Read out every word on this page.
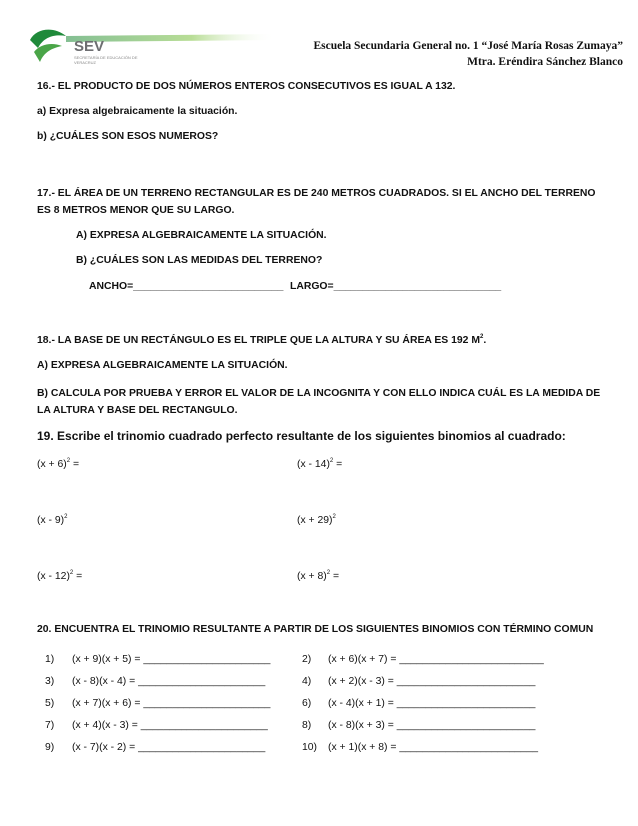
SEV
SECRETARÍA DE EDUCACIÓN DE VERACRUZ
Escuela Secundaria General no. 1 “José María Rosas Zumaya”
Mtra. Eréndira Sánchez Blanco
16.- EL PRODUCTO DE DOS NÚMEROS ENTEROS CONSECUTIVOS ES IGUAL A 132.
a) Expresa algebraicamente la situación.
b) ¿CUÁLES SON ESOS NUMEROS?
17.- EL ÁREA DE UN TERRENO RECTANGULAR ES DE 240 METROS CUADRADOS. SI EL ANCHO DEL TERRENO ES 8 METROS MENOR QUE SU LARGO.
A) EXPRESA ALGEBRAICAMENTE LA SITUACIÓN.
B) ¿CUÁLES SON LAS MEDIDAS DEL TERRENO?
ANCHO=__________________________ LARGO=_____________________________
18.- LA BASE DE UN RECTÁNGULO ES EL TRIPLE QUE LA ALTURA Y SU ÁREA ES 192 $M^2$.
A) EXPRESA ALGEBRAICAMENTE LA SITUACIÓN.
B) CALCULA POR PRUEBA Y ERROR EL VALOR DE LA INCOGNITA Y CON ELLO INDICA CUÁL ES LA MEDIDA DE LA ALTURA Y BASE DEL RECTANGULO.
19. Escribe el trinomio cuadrado perfecto resultante de los siguientes binomios al cuadrado:
$(x + 6)^2$ =	(x - 14)$^2$ =
(x - 9)$^2$	$(x + 29)^2$
(x - 12)$^2$ =	$(x + 8)^2$ =
20. ENCUENTRA EL TRINOMIO RESULTANTE A PARTIR DE LOS SIGUIENTES BINOMIOS CON TÉRMINO COMUN
1) (x + 9)(x + 5) = ______________________	2) (x + 6)(x + 7) = _________________________
3) (x - 8)(x - 4) = ______________________	4) (x + 2)(x - 3) = ________________________
5) (x + 7)(x + 6) = ______________________	6) (x - 4)(x + 1) = ________________________
7) (x + 4)(x - 3) = ______________________	8) (x - 8)(x + 3) = ________________________
9) (x - 7)(x - 2) = ______________________	10) (x + 1)(x + 8) = ________________________
